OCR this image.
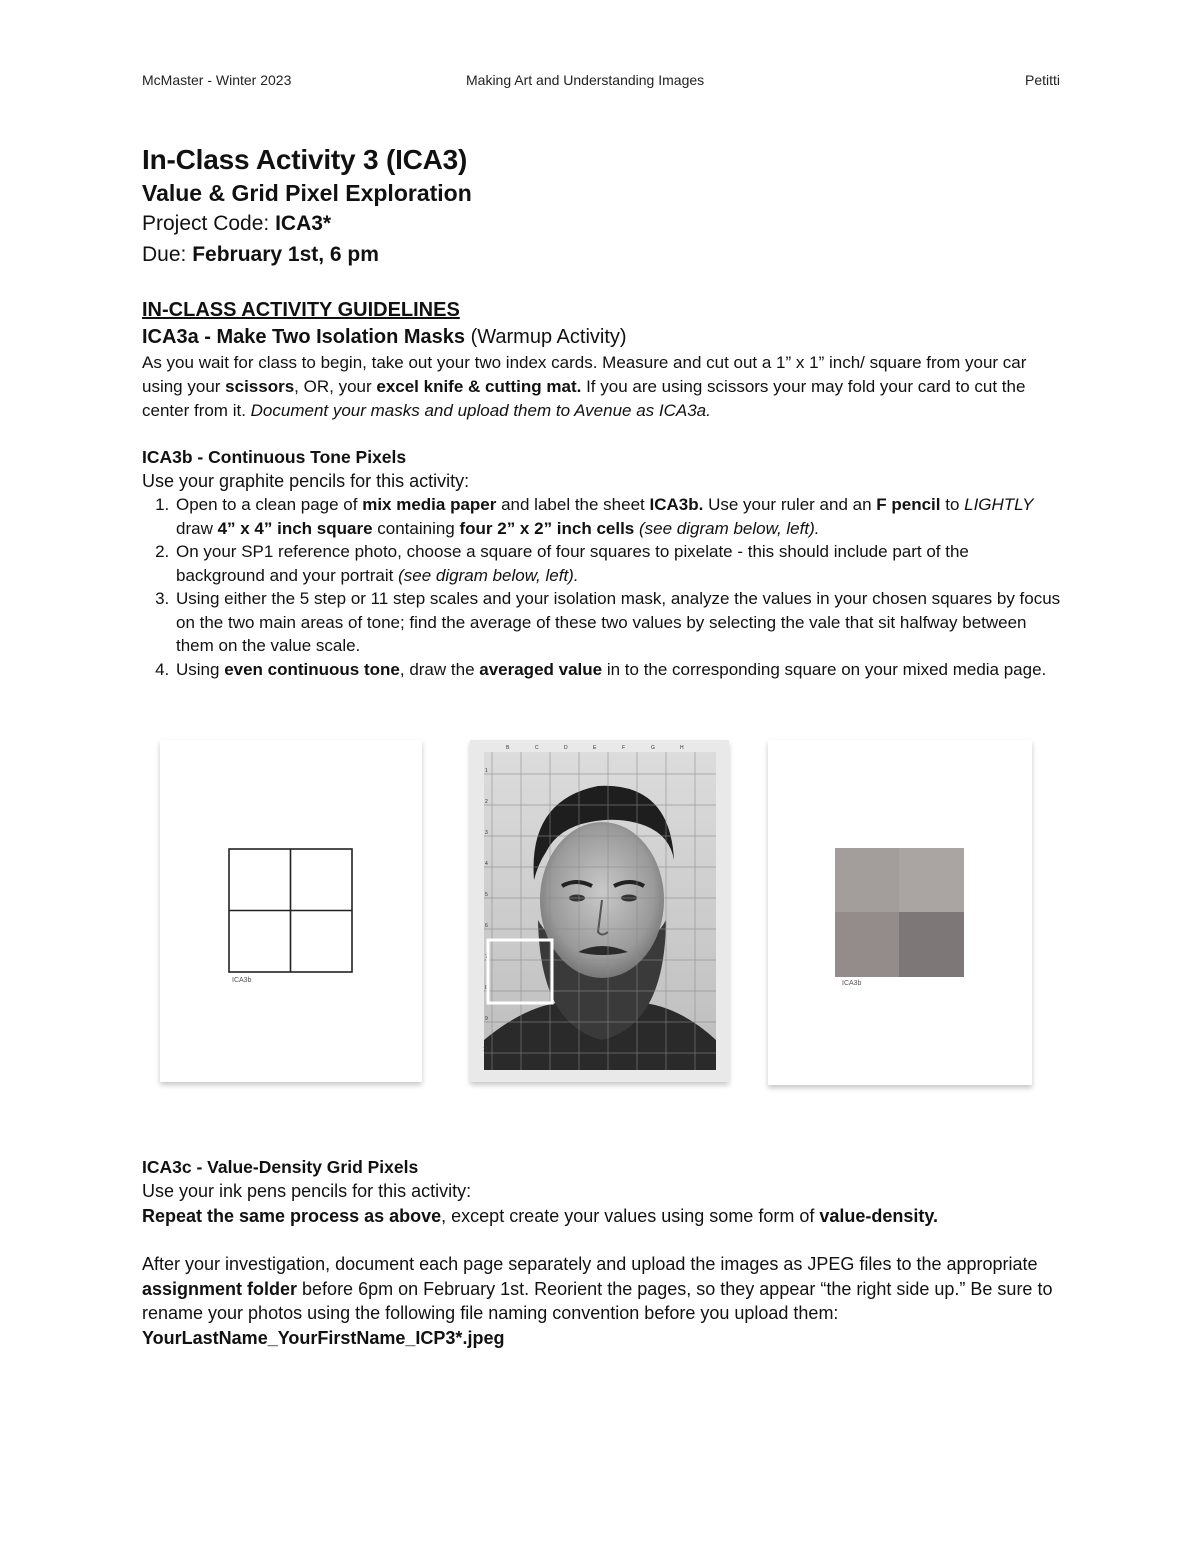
McMaster - Winter 2023	Making Art and Understanding Images	Petitti
In-Class Activity 3 (ICA3)
Value & Grid Pixel Exploration

Project Code: ICA3*

Due: February 1st, 6 pm

IN-CLASS ACTIVITY GUIDELINES

ICA3a - Make Two Isolation Masks (Warmup Activity)

As you wait for class to begin, take out your two index cards. Measure and cut out a 1” x 1” inch/ square from your car using your scissors, OR, your excel knife & cutting mat. If you are using scissors your may fold your card to cut the center from it. Document your masks and upload them to Avenue as ICA3a.

ICA3b - Continuous Tone Pixels

Use your graphite pencils for this activity:

1. Open to a clean page of mix media paper and label the sheet ICA3b. Use your ruler and an F pencil to LIGHTLY draw 4” x 4” inch square containing four 2” x 2” inch cells (see digram below, left).
2. On your SP1 reference photo, choose a square of four squares to pixelate - this should include part of the background and your portrait (see digram below, left).
3. Using either the 5 step or 11 step scales and your isolation mask, analyze the values in your chosen squares by focus on the two main areas of tone; find the average of these two values by selecting the vale that sit halfway between them on the value scale.
4. Using even continuous tone, draw the averaged value in to the corresponding square on your mixed media page.
ICA3b
B	C	D	E	F	G	H
1
2
3
4
5
6
7
8
9
10
ICA3b

ICA3c - Value-Density Grid Pixels

Use your ink pens pencils for this activity:

Repeat the same process as above, except create your values using some form of value-density.

After your investigation, document each page separately and upload the images as JPEG files to the appropriate assignment folder before 6pm on February 1st. Reorient the pages, so they appear “the right side up.” Be sure to rename your photos using the following file naming convention before you upload them: YourLastName_YourFirstName_ICP3*.jpeg
